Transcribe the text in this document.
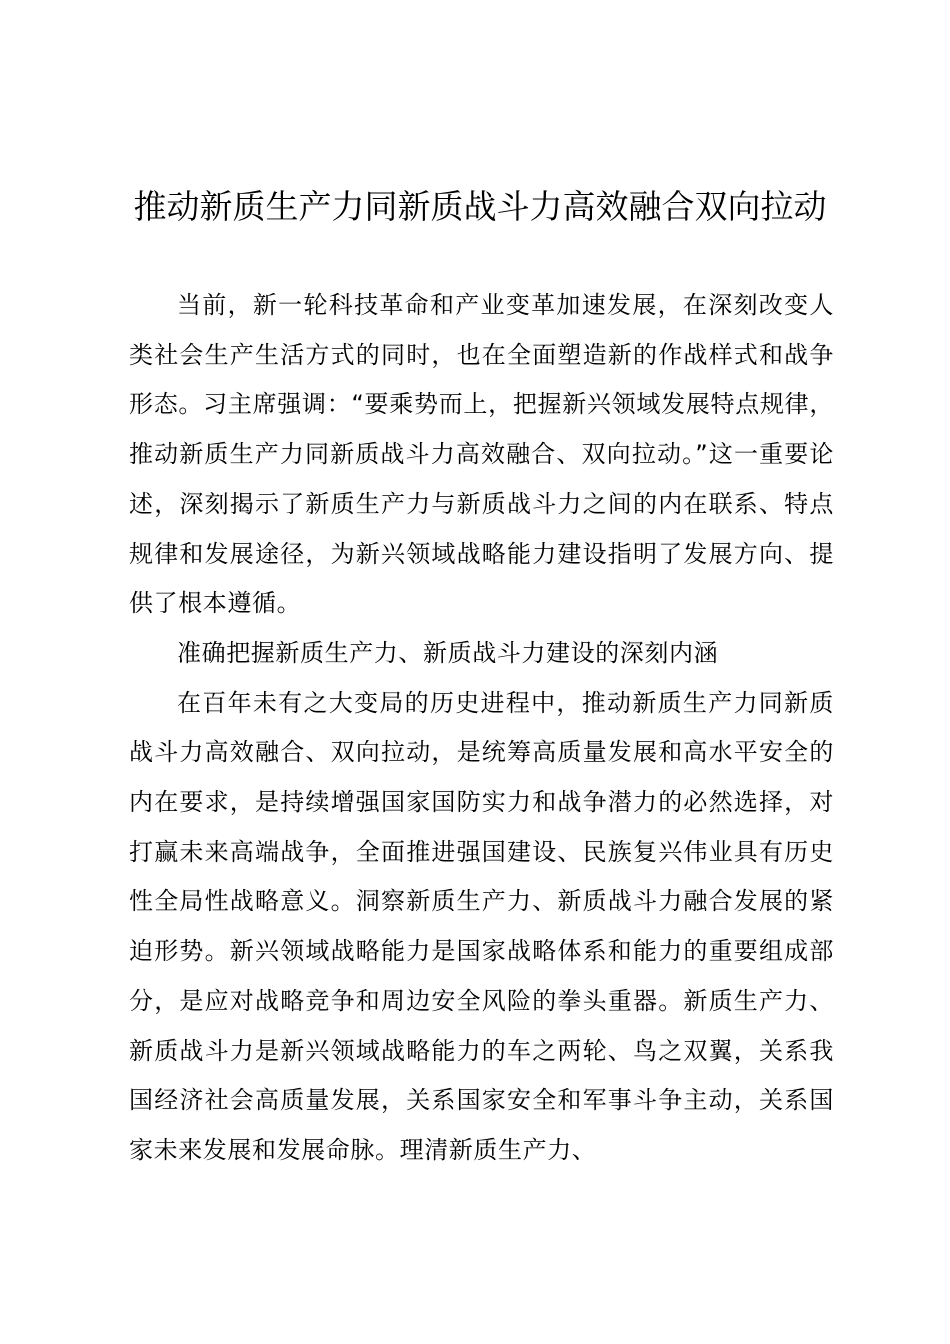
推动新质生产力同新质战斗力高效融合双向拉动

当前，新一轮科技革命和产业变革加速发展，在深刻改变人类社会生产生活方式的同时，也在全面塑造新的作战样式和战争形态。习主席强调：“要乘势而上，把握新兴领域发展特点规律，推动新质生产力同新质战斗力高效融合、双向拉动。”这一重要论述，深刻揭示了新质生产力与新质战斗力之间的内在联系、特点规律和发展途径，为新兴领域战略能力建设指明了发展方向、提供了根本遵循。

准确把握新质生产力、新质战斗力建设的深刻内涵

在百年未有之大变局的历史进程中，推动新质生产力同新质战斗力高效融合、双向拉动，是统筹高质量发展和高水平安全的内在要求，是持续增强国家国防实力和战争潜力的必然选择，对打赢未来高端战争，全面推进强国建设、民族复兴伟业具有历史性全局性战略意义。洞察新质生产力、新质战斗力融合发展的紧迫形势。新兴领域战略能力是国家战略体系和能力的重要组成部分，是应对战略竞争和周边安全风险的拳头重器。新质生产力、新质战斗力是新兴领域战略能力的车之两轮、鸟之双翼，关系我国经济社会高质量发展，关系国家安全和军事斗争主动，关系国家未来发展和发展命脉。理清新质生产力、
